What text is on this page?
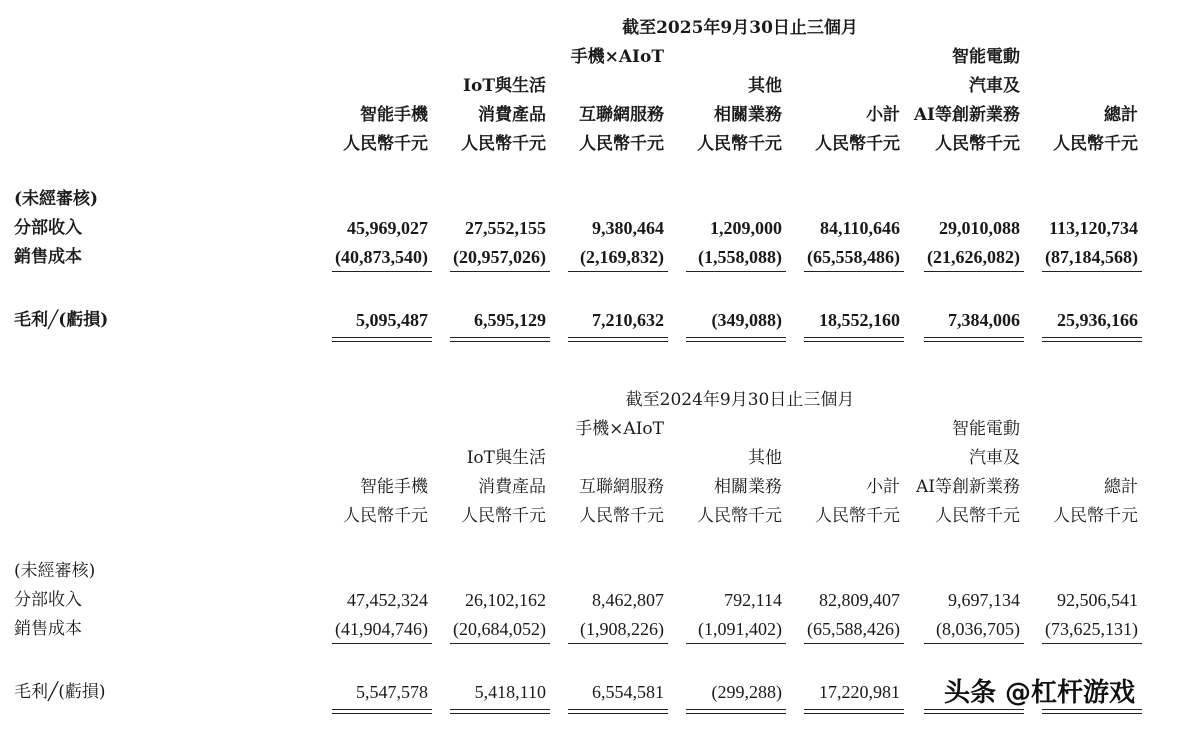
截至2025年9月30日止三個月
智能手機
人民幣千元
IoT與生活
消費產品
人民幣千元
手機×AIoT
互聯網服務
人民幣千元
其他
相關業務
人民幣千元
小計
人民幣千元
智能電動
汽車及
AI等創新業務
人民幣千元
總計
人民幣千元
(未經審核)
分部收入
銷售成本
毛利╱(虧損)
45,969,027
(40,873,540)
5,095,487
27,552,155
(20,957,026)
6,595,129
9,380,464
(2,169,832)
7,210,632
1,209,000
(1,558,088)
(349,088)
84,110,646
(65,558,486)
18,552,160
29,010,088
(21,626,082)
7,384,006
113,120,734
(87,184,568)
25,936,166
截至2024年9月30日止三個月
智能手機
人民幣千元
IoT與生活
消費產品
人民幣千元
手機×AIoT
互聯網服務
人民幣千元
其他
相關業務
人民幣千元
小計
人民幣千元
智能電動
汽車及
AI等創新業務
人民幣千元
總計
人民幣千元
(未經審核)
分部收入
銷售成本
毛利╱(虧損)
47,452,324
(41,904,746)
5,547,578
26,102,162
(20,684,052)
5,418,110
8,462,807
(1,908,226)
6,554,581
792,114
(1,091,402)
(299,288)
82,809,407
(65,588,426)
17,220,981
9,697,134
(8,036,705)
92,506,541
(73,625,131)
头条 @杠杆游戏
